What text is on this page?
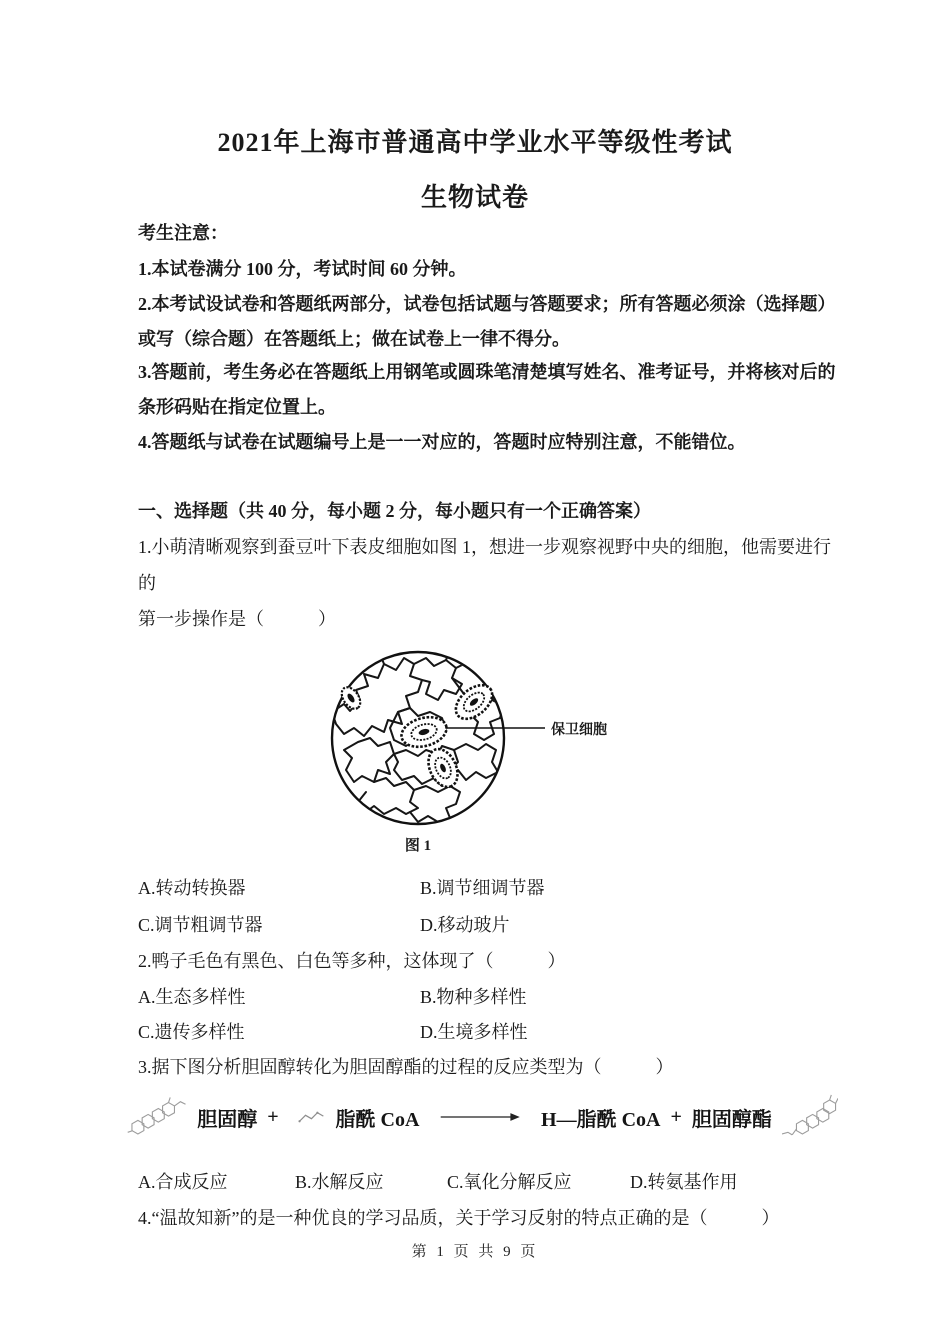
2021年上海市普通高中学业水平等级性考试
生物试卷
考生注意：
1.本试卷满分 100 分，考试时间 60 分钟。
2.本考试设试卷和答题纸两部分，试卷包括试题与答题要求；所有答题必须涂（选择题）
或写（综合题）在答题纸上；做在试卷上一律不得分。
3.答题前，考生务必在答题纸上用钢笔或圆珠笔清楚填写姓名、准考证号，并将核对后的
条形码贴在指定位置上。
4.答题纸与试卷在试题编号上是一一对应的，答题时应特别注意，不能错位。
一、选择题（共 40 分，每小题 2 分，每小题只有一个正确答案）
1.小萌清晰观察到蚕豆叶下表皮细胞如图 1，想进一步观察视野中央的细胞，他需要进行
的
第一步操作是（　　　）
保卫细胞
图 1
A.转动转换器	B.调节细调节器
C.调节粗调节器	D.移动玻片
2.鸭子毛色有黑色、白色等多种，这体现了（　　　）
A.生态多样性	B.物种多样性
C.遗传多样性	D.生境多样性
3.据下图分析胆固醇转化为胆固醇酯的过程的反应类型为（　　　）
胆固醇 +	脂酰 CoA	H—脂酰 CoA + 胆固醇酯
A.合成反应	B.水解反应	C.氧化分解反应	D.转氨基作用
4.“温故知新”的是一种优良的学习品质，关于学习反射的特点正确的是（　　　）
第 1 页 共 9 页
